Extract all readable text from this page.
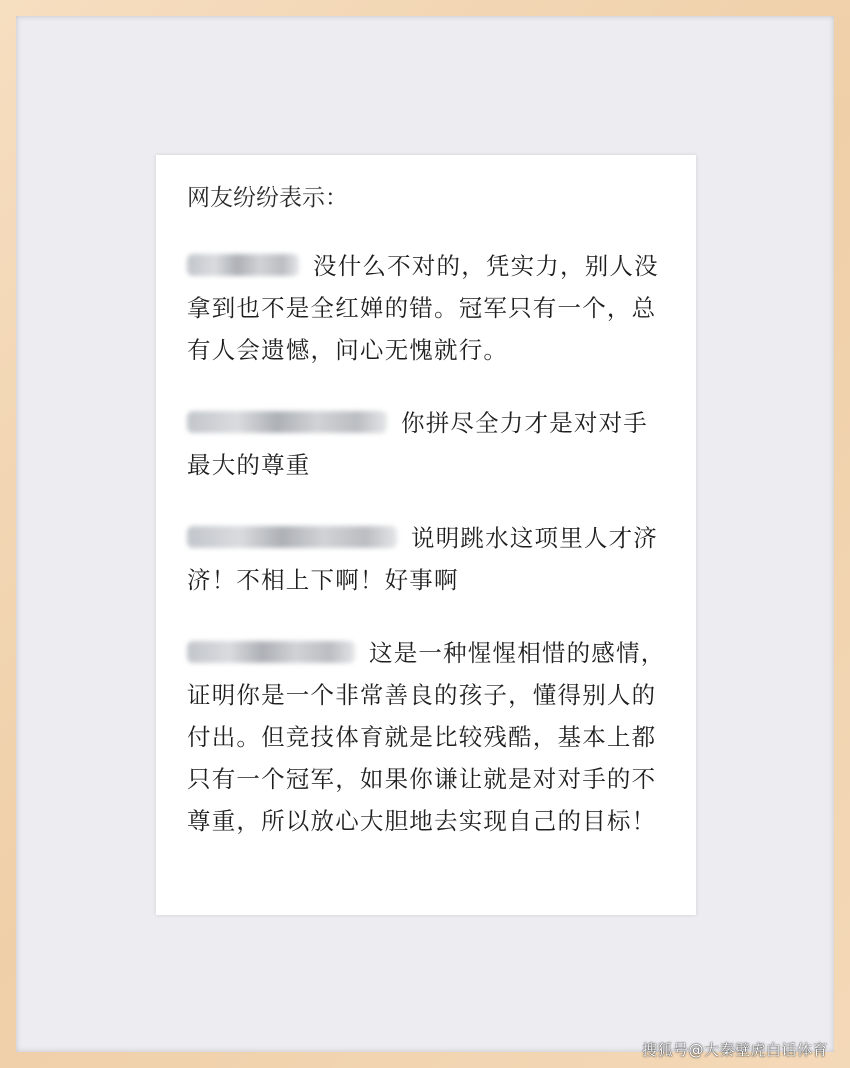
网友纷纷表示：
没什么不对的，凭实力，别人没拿到也不是全红婵的错。冠军只有一个，总有人会遗憾，问心无愧就行。
你拼尽全力才是对对手最大的尊重
说明跳水这项里人才济济！不相上下啊！好事啊
这是一种惺惺相惜的感情，证明你是一个非常善良的孩子，懂得别人的付出。但竞技体育就是比较残酷，基本上都只有一个冠军，如果你谦让就是对对手的不尊重，所以放心大胆地去实现自己的目标！
搜狐号@大秦壁虎白话体育
